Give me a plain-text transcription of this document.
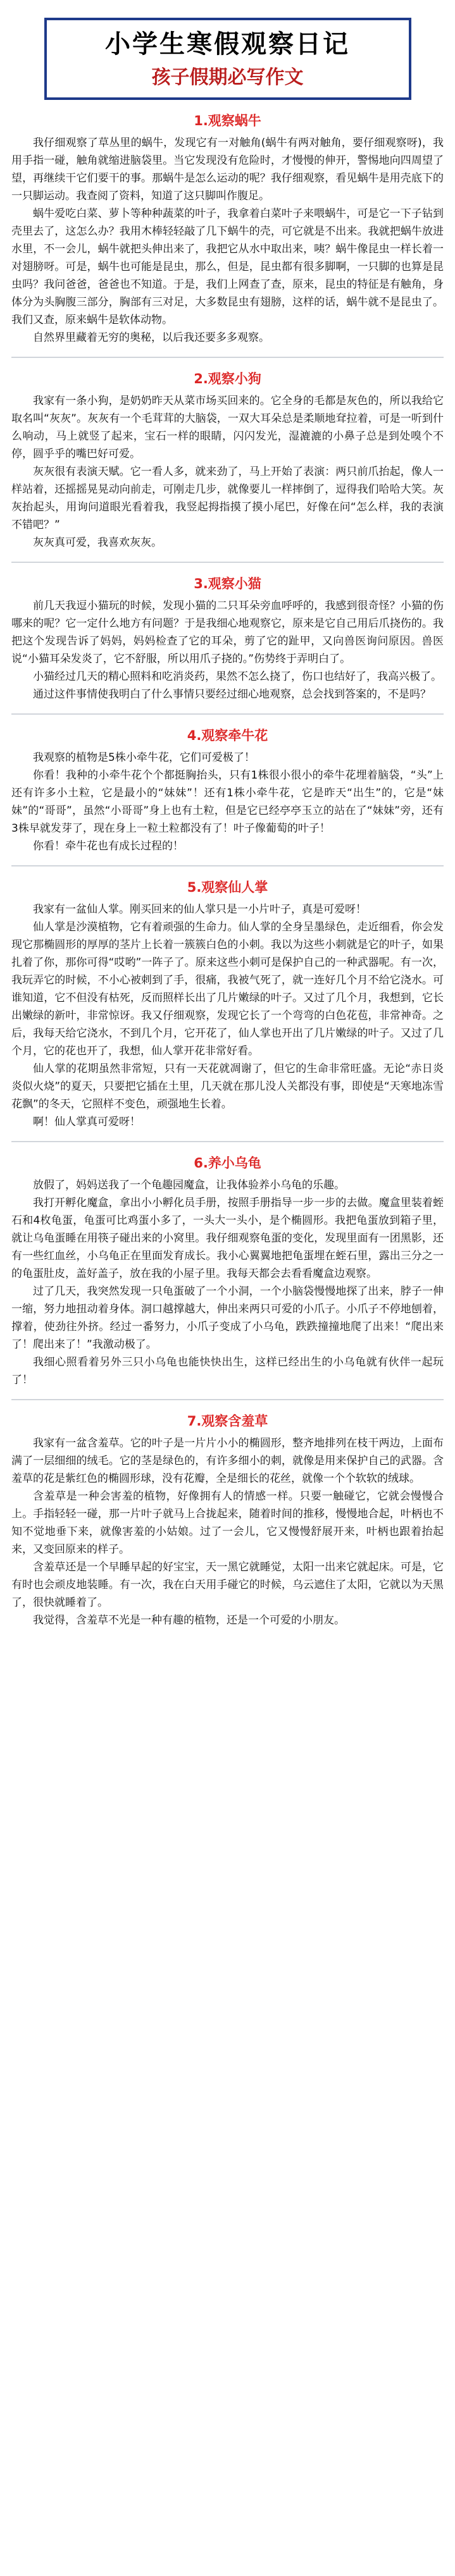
小学生寒假观察日记
孩子假期必写作文
1.观察蜗牛

我仔细观察了草丛里的蜗牛，发现它有一对触角(蜗牛有两对触角，要仔细观察呀)，我用手指一碰，触角就缩进脑袋里。当它发现没有危险时，才慢慢的伸开，警惕地向四周望了望，再继续干它们要干的事。那蜗牛是怎么运动的呢？我仔细观察，看见蜗牛是用壳底下的一只脚运动。我查阅了资料，知道了这只脚叫作腹足。

蜗牛爱吃白菜、萝卜等种种蔬菜的叶子，我拿着白菜叶子来喂蜗牛，可是它一下子钻到壳里去了，这怎么办？我用木棒轻轻敲了几下蜗牛的壳，可它就是不出来。我就把蜗牛放进水里，不一会儿，蜗牛就把头伸出来了，我把它从水中取出来，咦？蜗牛像昆虫一样长着一对翅膀呀。可是，蜗牛也可能是昆虫，那么，但是，昆虫都有很多脚啊，一只脚的也算是昆虫吗？我问爸爸，爸爸也不知道。于是，我们上网查了查，原来，昆虫的特征是有触角，身体分为头胸腹三部分，胸部有三对足，大多数昆虫有翅膀，这样的话，蜗牛就不是昆虫了。我们又查，原来蜗牛是软体动物。

自然界里藏着无穷的奥秘，以后我还要多多观察。

2.观察小狗

我家有一条小狗，是奶奶昨天从菜市场买回来的。它全身的毛都是灰色的，所以我给它取名叫“灰灰”。灰灰有一个毛茸茸的大脑袋，一双大耳朵总是柔顺地耷拉着，可是一听到什么响动，马上就竖了起来，宝石一样的眼睛，闪闪发光，湿漉漉的小鼻子总是到处嗅个不停，圆乎乎的嘴巴好可爱。

灰灰很有表演天赋。它一看人多，就来劲了，马上开始了表演：两只前爪抬起，像人一样站着，还摇摇晃晃动向前走，可刚走几步，就像要儿一样摔倒了，逗得我们哈哈大笑。灰灰抬起头，用询问道眼光看着我，我竖起拇指摸了摸小尾巴，好像在问“怎么样，我的表演不错吧？”

灰灰真可爱，我喜欢灰灰。

3.观察小猫

前几天我逗小猫玩的时候，发现小猫的二只耳朵旁血呼呼的，我感到很奇怪？小猫的伤哪来的呢？它一定什么地方有问题？于是我细心地观察它，原来是它自己用后爪挠伤的。我把这个发现告诉了妈妈，妈妈检查了它的耳朵，剪了它的趾甲，又向兽医询问原因。兽医说“小猫耳朵发炎了，它不舒服，所以用爪子挠的。”伤势终于弄明白了。

小猫经过几天的精心照料和吃消炎药，果然不怎么挠了，伤口也结好了，我高兴极了。

通过这件事情使我明白了什么事情只要经过细心地观察，总会找到答案的，不是吗？

4.观察牵牛花

我观察的植物是5株小牵牛花，它们可爱极了！

你看！我种的小牵牛花个个都挺胸抬头，只有1株很小很小的牵牛花埋着脑袋，“头”上还有许多小土粒，它是最小的“妹妹”！还有1株小牵牛花，它是昨天“出生”的，它是“妹妹”的“哥哥”，虽然“小哥哥”身上也有土粒，但是它已经亭亭玉立的站在了“妹妹”旁，还有3株早就发芽了，现在身上一粒土粒都没有了！叶子像葡萄的叶子！

你看！牵牛花也有成长过程的！

5.观察仙人掌

我家有一盆仙人掌。刚买回来的仙人掌只是一小片叶子，真是可爱呀！

仙人掌是沙漠植物，它有着顽强的生命力。仙人掌的全身呈墨绿色，走近细看，你会发现它那椭圆形的厚厚的茎片上长着一簇簇白色的小刺。我以为这些小刺就是它的叶子，如果扎着了你，那你可得“哎哟”一阵子了。原来这些小刺可是保护自己的一种武器呢。有一次，我玩弄它的时候，不小心被刺到了手，很痛，我被气死了，就一连好几个月不给它浇水。可谁知道，它不但没有枯死，反而照样长出了几片嫩绿的叶子。又过了几个月，我想到，它长出嫩绿的新叶，非常惊讶。我又仔细观察，发现它长了一个弯弯的白色花苞，非常神奇。之后，我每天给它浇水，不到几个月，它开花了，仙人掌也开出了几片嫩绿的叶子。又过了几个月，它的花也开了，我想，仙人掌开花非常好看。

仙人掌的花期虽然非常短，只有一天花就凋谢了，但它的生命非常旺盛。无论“赤日炎炎似火烧”的夏天，只要把它插在土里，几天就在那儿没人关都没有事，即使是“天寒地冻雪花飘”的冬天，它照样不变色，顽强地生长着。

啊！仙人掌真可爱呀！

6.养小乌龟

放假了，妈妈送我了一个龟趣园魔盒，让我体验养小乌龟的乐趣。

我打开孵化魔盒，拿出小小孵化员手册，按照手册指导一步一步的去做。魔盒里装着蛭石和4枚龟蛋，龟蛋可比鸡蛋小多了，一头大一头小，是个椭圆形。我把龟蛋放到箱子里，就让乌龟蛋睡在用筷子碰出来的小窝里。我仔细观察龟蛋的变化，发现里面有一团黑影，还有一些红血丝，小乌龟正在里面发育成长。我小心翼翼地把龟蛋埋在蛭石里，露出三分之一的龟蛋肚皮，盖好盖子，放在我的小屋子里。我每天都会去看看魔盒边观察。

过了几天，我突然发现一只龟蛋破了一个小洞，一个小脑袋慢慢地探了出来，脖子一伸一缩，努力地扭动着身体。洞口越撑越大，伸出来两只可爱的小爪子。小爪子不停地刨着，撑着，使劲往外挤。经过一番努力，小爪子变成了小乌龟，跌跌撞撞地爬了出来！“爬出来了！爬出来了！”我激动极了。

我细心照看着另外三只小乌龟也能快快出生，这样已经出生的小乌龟就有伙伴一起玩了！

7.观察含羞草

我家有一盆含羞草。它的叶子是一片片小小的椭圆形，整齐地排列在枝干两边，上面布满了一层细细的绒毛。它的茎是绿色的，有许多细小的刺，就像是用来保护自己的武器。含羞草的花是紫红色的椭圆形球，没有花瓣，全是细长的花丝，就像一个个软软的绒球。

含羞草是一种会害羞的植物，好像拥有人的情感一样。只要一触碰它，它就会慢慢合上。手指轻轻一碰，那一片叶子就马上合拢起来，随着时间的推移，慢慢地合起，叶柄也不知不觉地垂下来，就像害羞的小姑娘。过了一会儿，它又慢慢舒展开来，叶柄也跟着抬起来，又变回原来的样子。

含羞草还是一个早睡早起的好宝宝，天一黑它就睡觉，太阳一出来它就起床。可是，它有时也会顽皮地装睡。有一次，我在白天用手碰它的时候，乌云遮住了太阳，它就以为天黑了，很快就睡着了。

我觉得，含羞草不光是一种有趣的植物，还是一个可爱的小朋友。
